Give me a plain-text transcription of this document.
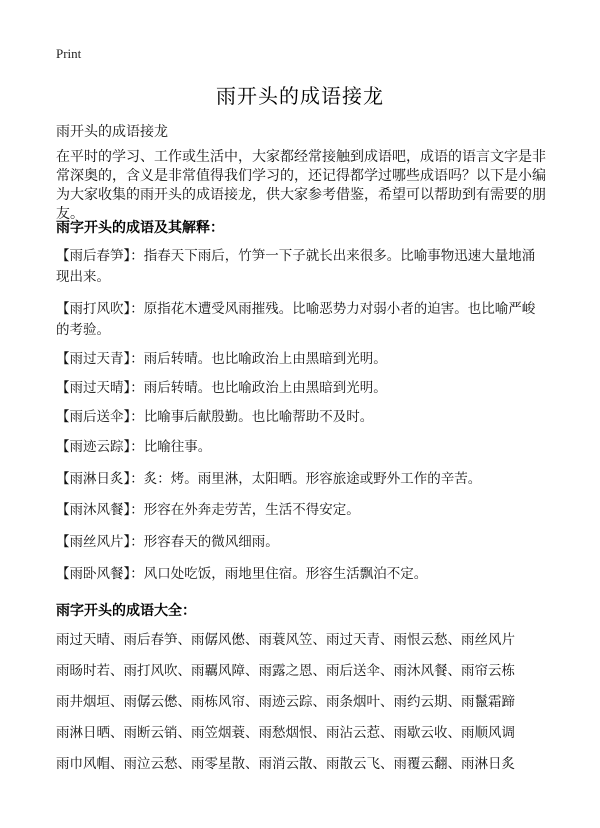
Print
雨开头的成语接龙
雨开头的成语接龙
在平时的学习、工作或生活中，大家都经常接触到成语吧，成语的语言文字是非常深奥的，含义是非常值得我们学习的，还记得都学过哪些成语吗？以下是小编为大家收集的雨开头的成语接龙，供大家参考借鉴，希望可以帮助到有需要的朋友。
雨字开头的成语及其解释：
【雨后春笋】：指春天下雨后，竹笋一下子就长出来很多。比喻事物迅速大量地涌现出来。
【雨打风吹】：原指花木遭受风雨摧残。比喻恶势力对弱小者的迫害。也比喻严峻的考验。
【雨过天青】：雨后转晴。也比喻政治上由黑暗到光明。
【雨过天晴】：雨后转晴。也比喻政治上由黑暗到光明。
【雨后送伞】：比喻事后献殷勤。也比喻帮助不及时。
【雨迹云踪】：比喻往事。
【雨淋日炙】：炙：烤。雨里淋，太阳晒。形容旅途或野外工作的辛苦。
【雨沐风餐】：形容在外奔走劳苦，生活不得安定。
【雨丝风片】：形容春天的微风细雨。
【雨卧风餐】：风口处吃饭，雨地里住宿。形容生活飘泊不定。
雨字开头的成语大全：
雨过天晴、雨后春笋、雨僝风僽、雨蓑风笠、雨过天青、雨恨云愁、雨丝风片
雨旸时若、雨打风吹、雨覊风障、雨露之恩、雨后送伞、雨沐风餐、雨帘云栋
雨井烟垣、雨僝云僽、雨栋风帘、雨迹云踪、雨条烟叶、雨约云期、雨鬣霜蹄
雨淋日晒、雨断云销、雨笠烟蓑、雨愁烟恨、雨沾云惹、雨歇云收、雨顺风调
雨巾风帽、雨泣云愁、雨零星散、雨消云散、雨散云飞、雨覆云翻、雨淋日炙
